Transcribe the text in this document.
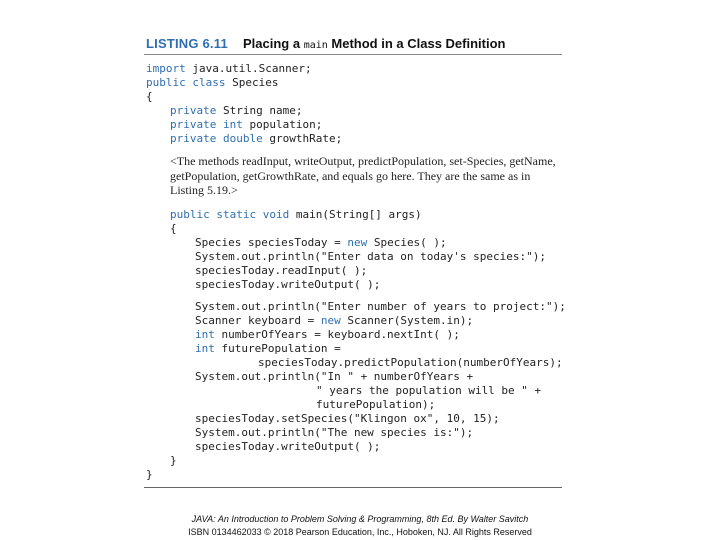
LISTING 6.11 Placing a main Method in a Class Definition
import java.util.Scanner;
public class Species
{
private String name;
private int population;
private double growthRate;
<The methods readInput, writeOutput, predictPopulation, set-Species, getName, getPopulation, getGrowthRate, and equals go here. They are the same as in Listing 5.19.>
public static void main(String[] args)
{
Species speciesToday = new Species( );
System.out.println("Enter data on today's species:");
speciesToday.readInput( );
speciesToday.writeOutput( );
System.out.println("Enter number of years to project:");
Scanner keyboard = new Scanner(System.in);
int numberOfYears = keyboard.nextInt( );
int futurePopulation =
speciesToday.predictPopulation(numberOfYears);
System.out.println("In " + numberOfYears +
" years the population will be " +
futurePopulation);
speciesToday.setSpecies("Klingon ox", 10, 15);
System.out.println("The new species is:");
speciesToday.writeOutput( );
}
}
JAVA: An Introduction to Problem Solving & Programming, 8th Ed. By Walter Savitch
ISBN 0134462033 © 2018 Pearson Education, Inc., Hoboken, NJ. All Rights Reserved
